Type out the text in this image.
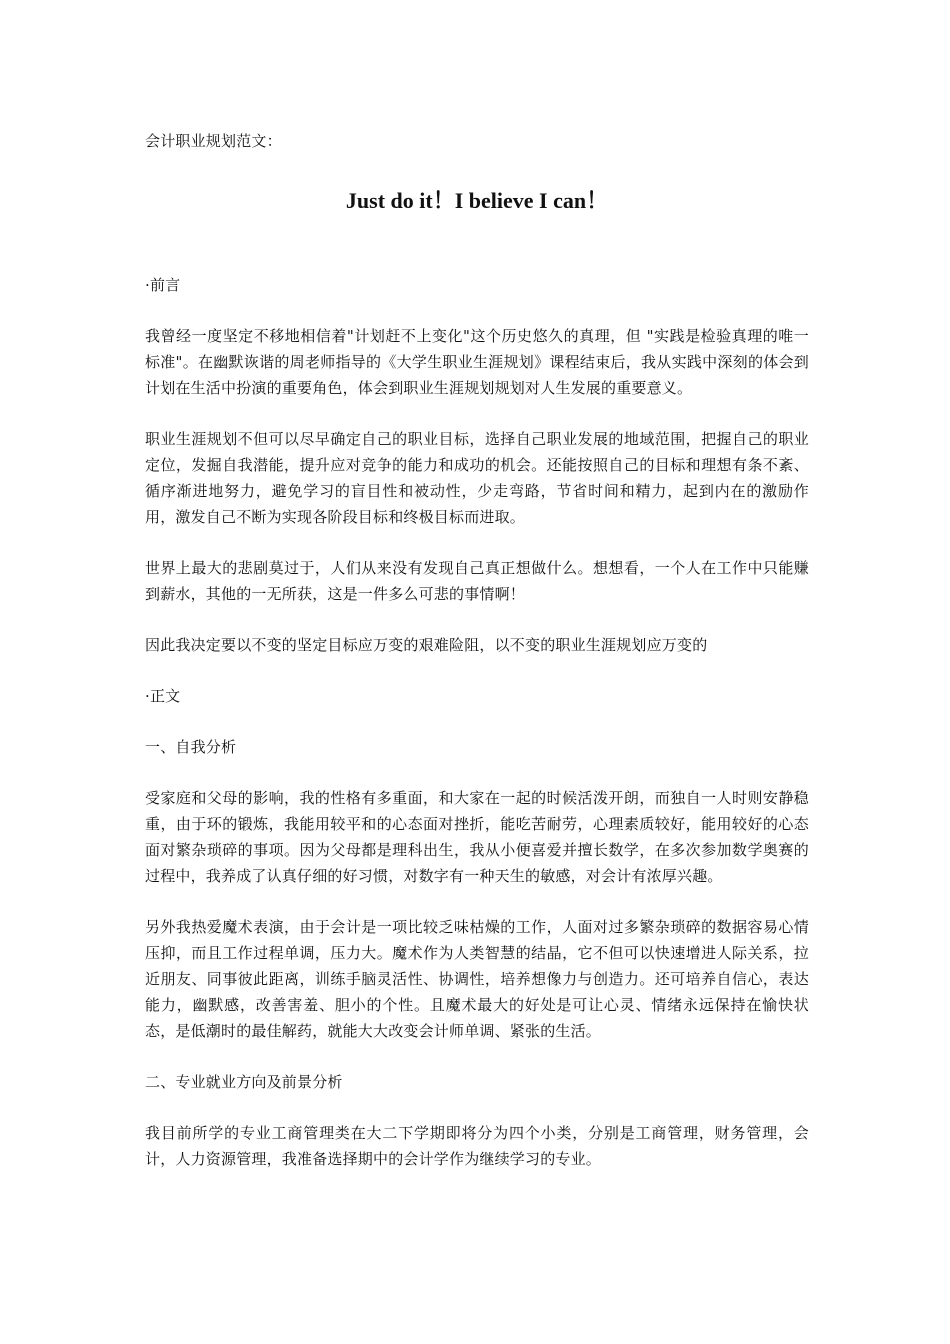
会计职业规划范文：

Just do it！I believe I can！

·前言

我曾经一度坚定不移地相信着"计划赶不上变化"这个历史悠久的真理，但 "实践是检验真理的唯一标准"。在幽默诙谐的周老师指导的《大学生职业生涯规划》课程结束后，我从实践中深刻的体会到计划在生活中扮演的重要角色，体会到职业生涯规划规划对人生发展的重要意义。

职业生涯规划不但可以尽早确定自己的职业目标，选择自己职业发展的地域范围，把握自己的职业定位，发掘自我潜能，提升应对竞争的能力和成功的机会。还能按照自己的目标和理想有条不紊、循序渐进地努力，避免学习的盲目性和被动性，少走弯路，节省时间和精力，起到内在的激励作用，激发自己不断为实现各阶段目标和终极目标而进取。

世界上最大的悲剧莫过于，人们从来没有发现自己真正想做什么。想想看，一个人在工作中只能赚到薪水，其他的一无所获，这是一件多么可悲的事情啊！

因此我决定要以不变的坚定目标应万变的艰难险阻，以不变的职业生涯规划应万变的

·正文

一、自我分析

受家庭和父母的影响，我的性格有多重面，和大家在一起的时候活泼开朗，而独自一人时则安静稳重，由于环的锻炼，我能用较平和的心态面对挫折，能吃苦耐劳，心理素质较好，能用较好的心态面对繁杂琐碎的事项。因为父母都是理科出生，我从小便喜爱并擅长数学，在多次参加数学奥赛的过程中，我养成了认真仔细的好习惯，对数字有一种天生的敏感，对会计有浓厚兴趣。

另外我热爱魔术表演，由于会计是一项比较乏味枯燥的工作，人面对过多繁杂琐碎的数据容易心情压抑，而且工作过程单调，压力大。魔术作为人类智慧的结晶，它不但可以快速增进人际关系，拉近朋友、同事彼此距离，训练手脑灵活性、协调性，培养想像力与创造力。还可培养自信心，表达能力，幽默感，改善害羞、胆小的个性。且魔术最大的好处是可让心灵、情绪永远保持在愉快状态，是低潮时的最佳解药，就能大大改变会计师单调、紧张的生活。

二、专业就业方向及前景分析

我目前所学的专业工商管理类在大二下学期即将分为四个小类，分别是工商管理，财务管理，会计，人力资源管理，我准备选择期中的会计学作为继续学习的专业。
